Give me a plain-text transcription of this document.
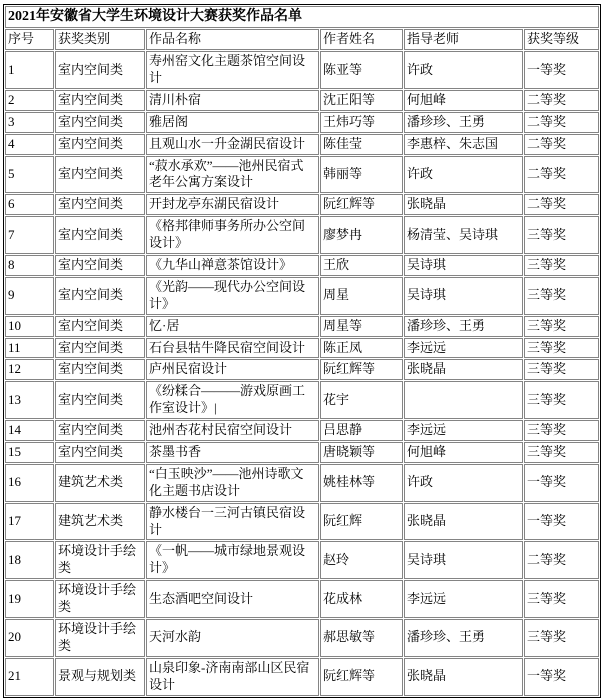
2021年安徽省大学生环境设计大赛获奖作品名单					
序号	获奖类别	作品名称	作者姓名	指导老师	获奖等级
1	室内空间类	寿州窑文化主题茶馆空间设计	陈亚等	许政	一等奖
2	室内空间类	清川朴宿	沈正阳等	何旭峰	二等奖
3	室内空间类	雅居阁	王炜巧等	潘珍珍、王勇	二等奖
4	室内空间类	且观山水一升金湖民宿设计	陈佳莹	李惠梓、朱志国	二等奖
5	室内空间类	“菽水承欢”——池州民宿式老年公寓方案设计	韩丽等	许政	二等奖
6	室内空间类	开封龙亭东湖民宿设计	阮红辉等	张晓晶	二等奖
7	室内空间类	《格邦律师事务所办公空间设计》	廖梦冉	杨清莹、吴诗琪	三等奖
8	室内空间类	《九华山禅意茶馆设计》	王欣	吴诗琪	三等奖
9	室内空间类	《光韵——现代办公空间设计》	周星	吴诗琪	三等奖
10	室内空间类	忆·居	周星等	潘珍珍、王勇	三等奖
11	室内空间类	石台县牯牛降民宿空间设计	陈正凤	李远远	三等奖
12	室内空间类	庐州民宿设计	阮红辉等	张晓晶	三等奖
13	室内空间类	《纷糅合———游戏原画工作室设计》|	花宇		三等奖
14	室内空间类	池州杏花村民宿空间设计	吕思静	李远远	三等奖
15	室内空间类	茶墨书香	唐晓颖等	何旭峰	三等奖
16	建筑艺术类	“白玉映沙”——池州诗歌文化主题书店设计	姚桂林等	许政	一等奖
17	建筑艺术类	静水楼台一三河古镇民宿设计	阮红辉	张晓晶	一等奖
18	环境设计手绘类	《一帆——城市绿地景观设计》	赵玲	吴诗琪	二等奖
19	环境设计手绘类	生态酒吧空间设计	花成林	李远远	三等奖
20	环境设计手绘类	天河水韵	郝思敏等	潘珍珍、王勇	三等奖
21	景观与规划类	山泉印象-济南南部山区民宿设计	阮红辉等	张晓晶	一等奖
